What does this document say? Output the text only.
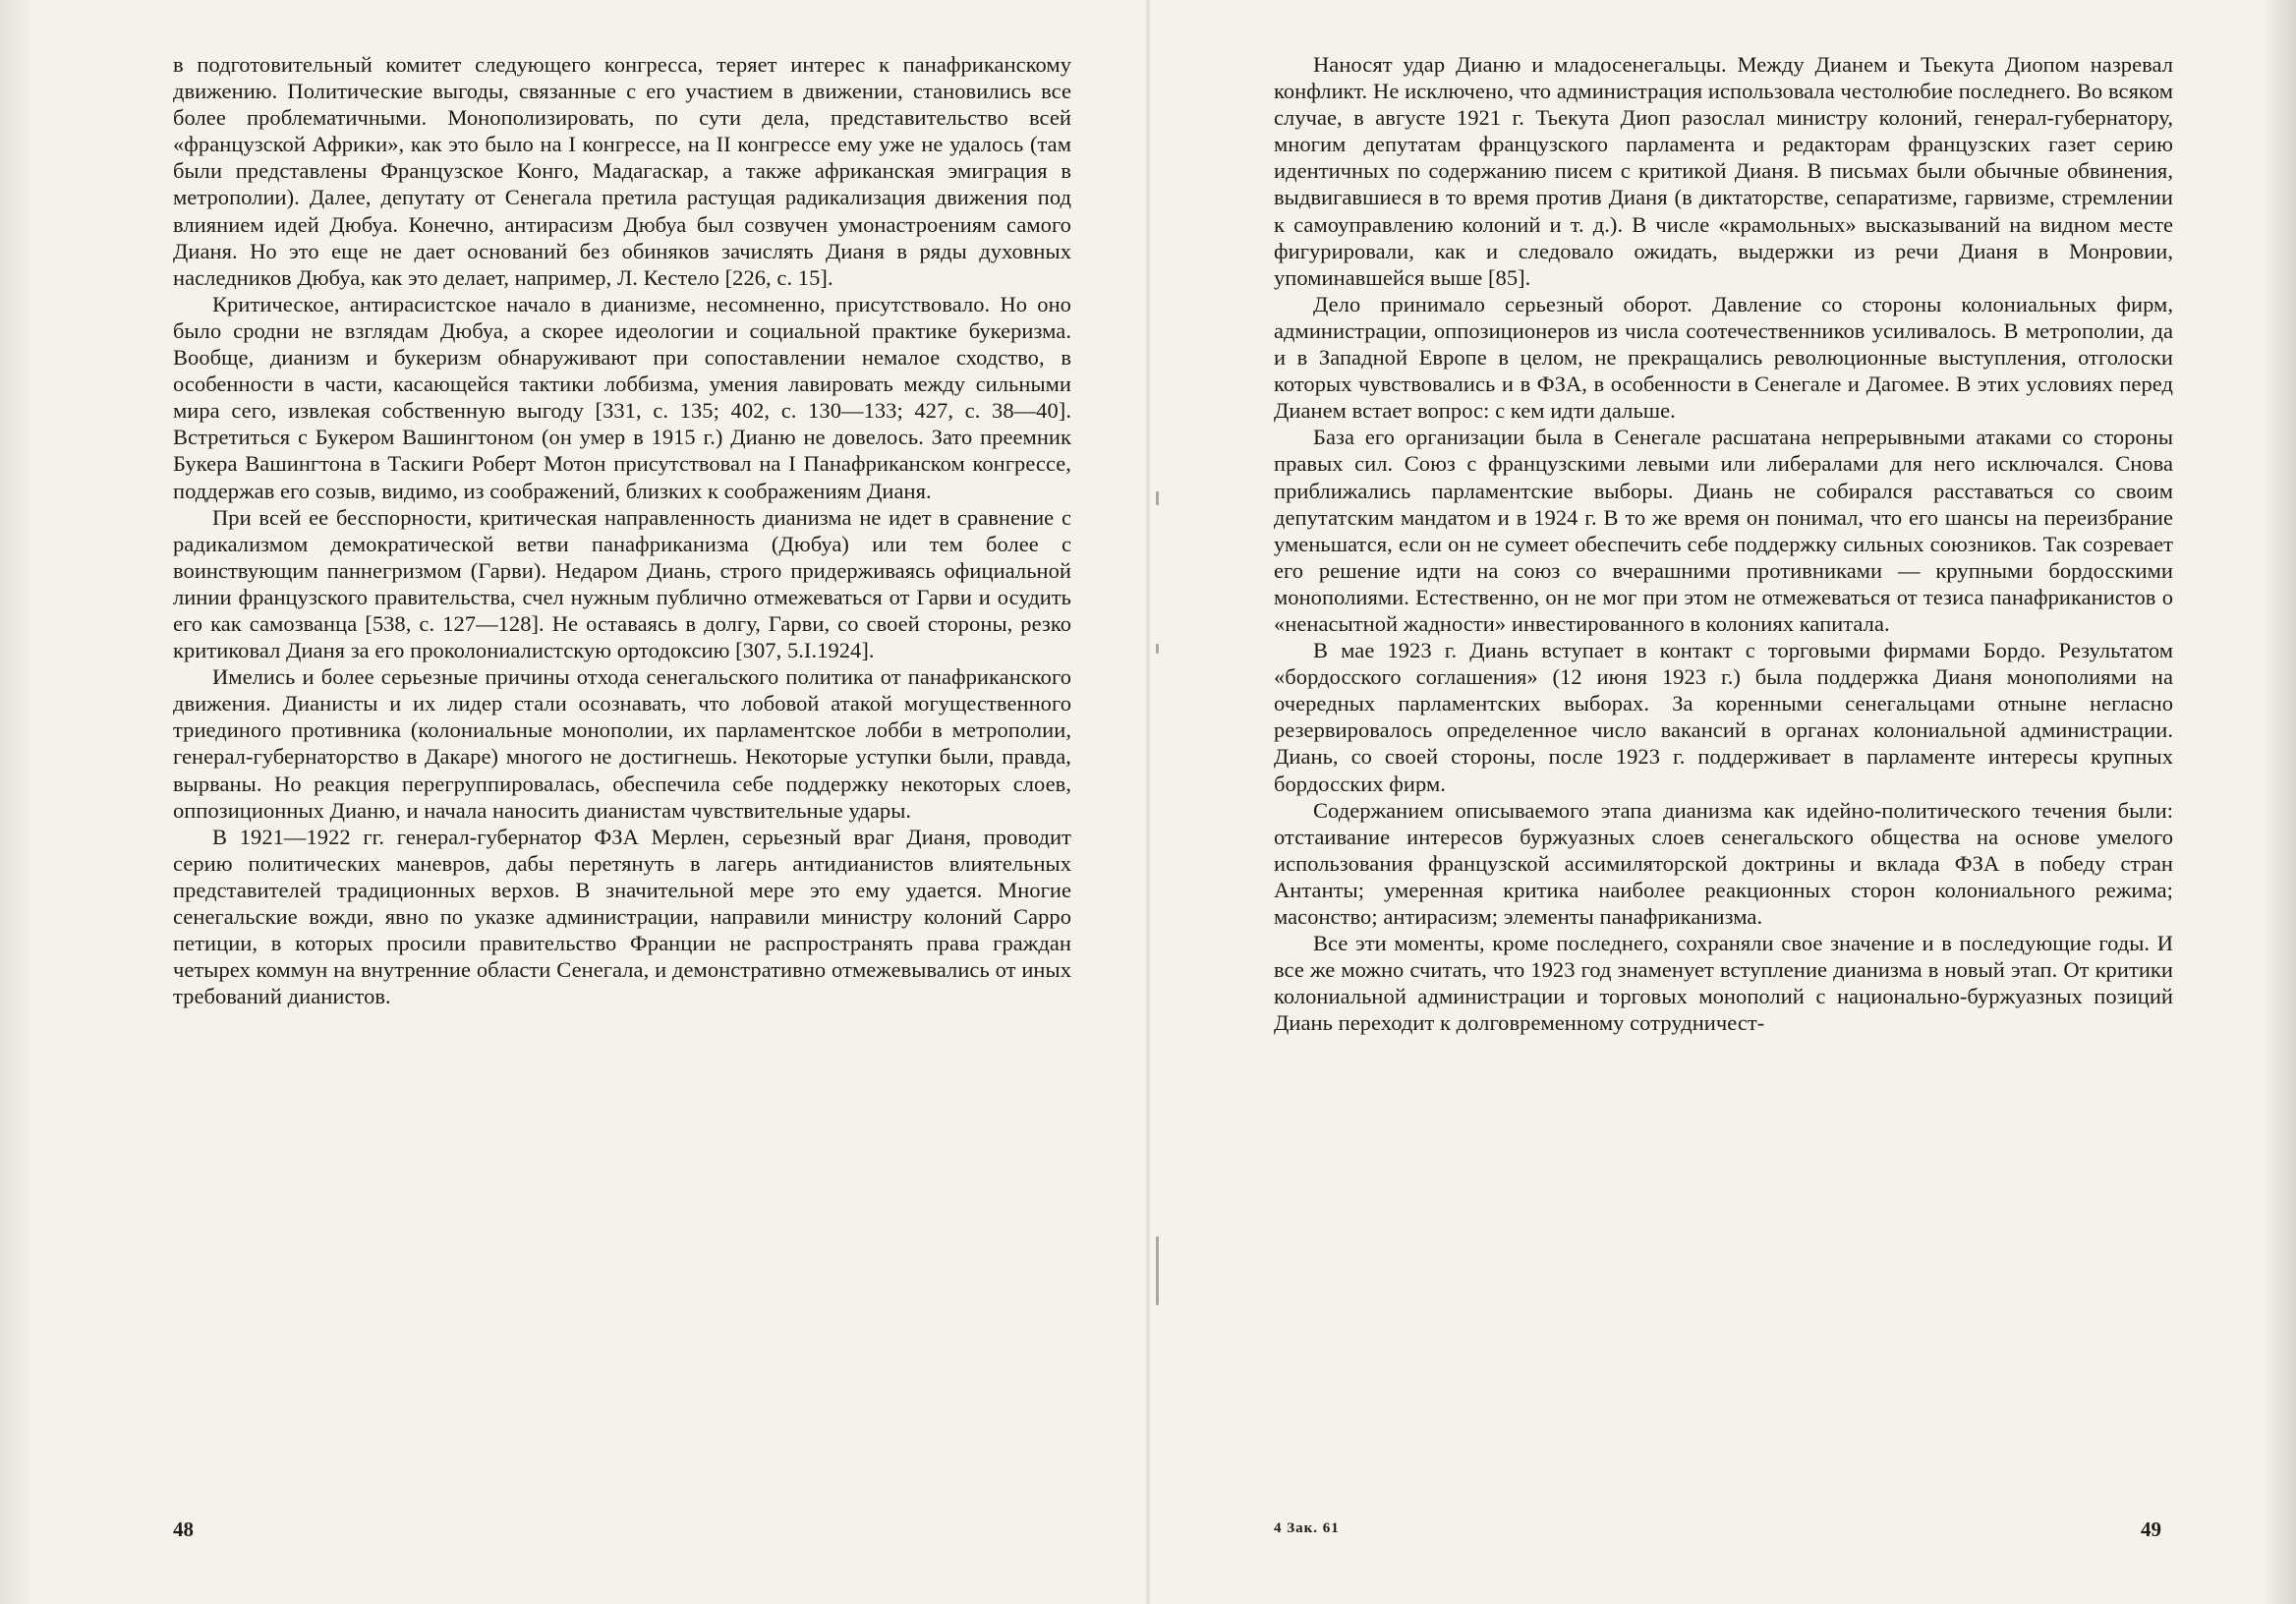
в подготовительный комитет следующего конгресса, теряет интерес к панафриканскому движению. Политические выгоды, связанные с его участием в движении, становились все более проблематичными. Монополизировать, по сути дела, представительство всей «французской Африки», как это было на I конгрессе, на II конгрессе ему уже не удалось (там были представлены Французское Конго, Мадагаскар, а также африканская эмиграция в метрополии). Далее, депутату от Сенегала претила растущая радикализация движения под влиянием идей Дюбуа. Конечно, антирасизм Дюбуа был созвучен умонастроениям самого Дианя. Но это еще не дает оснований без обиняков зачислять Дианя в ряды духовных наследников Дюбуа, как это делает, например, Л. Кестело [226, с. 15].

Критическое, антирасистское начало в дианизме, несомненно, присутствовало. Но оно было сродни не взглядам Дюбуа, а скорее идеологии и социальной практике букеризма. Вообще, дианизм и букеризм обнаруживают при сопоставлении немалое сходство, в особенности в части, касающейся тактики лоббизма, умения лавировать между сильными мира сего, извлекая собственную выгоду [331, с. 135; 402, с. 130—133; 427, с. 38—40]. Встретиться с Букером Вашингтоном (он умер в 1915 г.) Дианю не довелось. Зато преемник Букера Вашингтона в Таскиги Роберт Мотон присутствовал на I Панафриканском конгрессе, поддержав его созыв, видимо, из соображений, близких к соображениям Дианя.

При всей ее бесспорности, критическая направленность дианизма не идет в сравнение с радикализмом демократической ветви панафриканизма (Дюбуа) или тем более с воинствующим паннегризмом (Гарви). Недаром Диань, строго придерживаясь официальной линии французского правительства, счел нужным публично отмежеваться от Гарви и осудить его как самозванца [538, с. 127—128]. Не оставаясь в долгу, Гарви, со своей стороны, резко критиковал Дианя за его проколониалистскую ортодоксию [307, 5.I.1924].

Имелись и более серьезные причины отхода сенегальского политика от панафриканского движения. Дианисты и их лидер стали осознавать, что лобовой атакой могущественного триединого противника (колониальные монополии, их парламентское лобби в метрополии, генерал-губернаторство в Дакаре) многого не достигнешь. Некоторые уступки были, правда, вырваны. Но реакция перегруппировалась, обеспечила себе поддержку некоторых слоев, оппозиционных Дианю, и начала наносить дианистам чувствительные удары.

В 1921—1922 гг. генерал-губернатор ФЗА Мерлен, серьезный враг Дианя, проводит серию политических маневров, дабы перетянуть в лагерь антидианистов влиятельных представителей традиционных верхов. В значительной мере это ему удается. Многие сенегальские вожди, явно по указке администрации, направили министру колоний Сарро петиции, в которых просили правительство Франции не распространять права граждан четырех коммун на внутренние области Сенегала, и демонстративно отмежевывались от иных требований дианистов.

48

Наносят удар Дианю и младосенегальцы. Между Дианем и Тьекута Диопом назревал конфликт. Не исключено, что администрация использовала честолюбие последнего. Во всяком случае, в августе 1921 г. Тьекута Диоп разослал министру колоний, генерал-губернатору, многим депутатам французского парламента и редакторам французских газет серию идентичных по содержанию писем с критикой Дианя. В письмах были обычные обвинения, выдвигавшиеся в то время против Дианя (в диктаторстве, сепаратизме, гарвизме, стремлении к самоуправлению колоний и т. д.). В числе «крамольных» высказываний на видном месте фигурировали, как и следовало ожидать, выдержки из речи Дианя в Монровии, упоминавшейся выше [85].

Дело принимало серьезный оборот. Давление со стороны колониальных фирм, администрации, оппозиционеров из числа соотечественников усиливалось. В метрополии, да и в Западной Европе в целом, не прекращались революционные выступления, отголоски которых чувствовались и в ФЗА, в особенности в Сенегале и Дагомее. В этих условиях перед Дианем встает вопрос: с кем идти дальше.

База его организации была в Сенегале расшатана непрерывными атаками со стороны правых сил. Союз с французскими левыми или либералами для него исключался. Снова приближались парламентские выборы. Диань не собирался расставаться со своим депутатским мандатом и в 1924 г. В то же время он понимал, что его шансы на переизбрание уменьшатся, если он не сумеет обеспечить себе поддержку сильных союзников. Так созревает его решение идти на союз со вчерашними противниками — крупными бордосскими монополиями. Естественно, он не мог при этом не отмежеваться от тезиса панафриканистов о «ненасытной жадности» инвестированного в колониях капитала.

В мае 1923 г. Диань вступает в контакт с торговыми фирмами Бордо. Результатом «бордосского соглашения» (12 июня 1923 г.) была поддержка Дианя монополиями на очередных парламентских выборах. За коренными сенегальцами отныне негласно резервировалось определенное число вакансий в органах колониальной администрации. Диань, со своей стороны, после 1923 г. поддерживает в парламенте интересы крупных бордосских фирм.

Содержанием описываемого этапа дианизма как идейно-политического течения были: отстаивание интересов буржуазных слоев сенегальского общества на основе умелого использования французской ассимиляторской доктрины и вклада ФЗА в победу стран Антанты; умеренная критика наиболее реакционных сторон колониального режима; масонство; антирасизм; элементы панафриканизма.

Все эти моменты, кроме последнего, сохраняли свое значение и в последующие годы. И все же можно считать, что 1923 год знаменует вступление дианизма в новый этап. От критики колониальной администрации и торговых монополий с национально-буржуазных позиций Диань переходит к долговременному сотрудничест-

4 Зак. 61	49
